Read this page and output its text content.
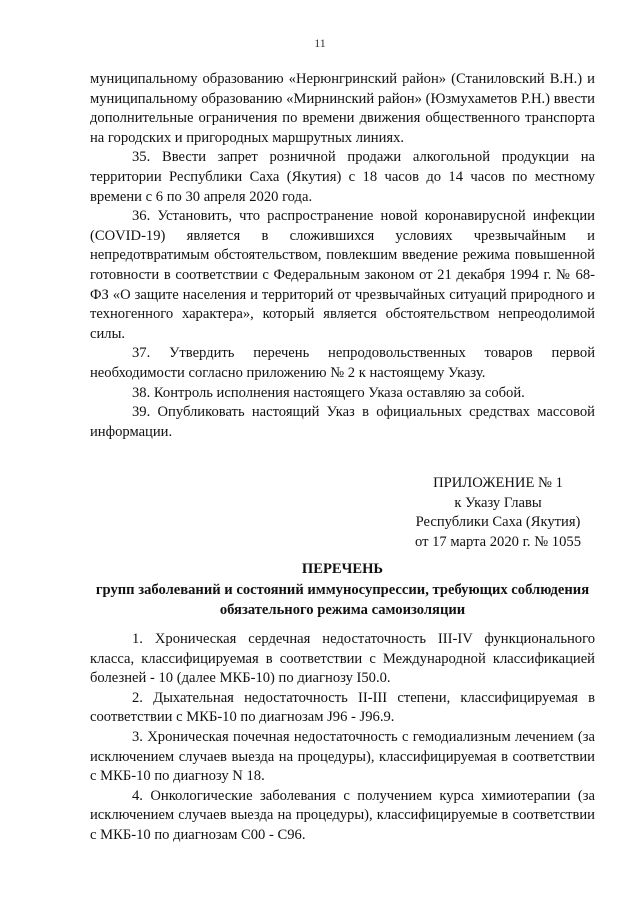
11

муниципальному образованию «Нерюнгринский район» (Станиловский В.Н.) и муниципальному образованию «Мирнинский район» (Юзмухаметов Р.Н.) ввести дополнительные ограничения по времени движения общественного транспорта на городских и пригородных маршрутных линиях.

35. Ввести запрет розничной продажи алкогольной продукции на территории Республики Саха (Якутия) с 18 часов до 14 часов по местному времени с 6 по 30 апреля 2020 года.

36. Установить, что распространение новой коронавирусной инфекции (COVID-19) является в сложившихся условиях чрезвычайным и непредотвратимым обстоятельством, повлекшим введение режима повышенной готовности в соответствии с Федеральным законом от 21 декабря 1994 г. № 68-ФЗ «О защите населения и территорий от чрезвычайных ситуаций природного и техногенного характера», который является обстоятельством непреодолимой силы.

37. Утвердить перечень непродовольственных товаров первой необходимости согласно приложению № 2 к настоящему Указу.

38. Контроль исполнения настоящего Указа оставляю за собой.

39. Опубликовать настоящий Указ в официальных средствах массовой информации.

ПРИЛОЖЕНИЕ № 1
к Указу Главы
Республики Саха (Якутия)
от 17 марта 2020 г. № 1055
ПЕРЕЧЕНЬ
групп заболеваний и состояний иммуносупрессии, требующих соблюдения обязательного режима самоизоляции

1. Хроническая сердечная недостаточность III-IV функционального класса, классифицируемая в соответствии с Международной классификацией болезней - 10 (далее МКБ-10) по диагнозу I50.0.

2. Дыхательная недостаточность II-III степени, классифицируемая в соответствии с МКБ-10 по диагнозам J96 - J96.9.

3. Хроническая почечная недостаточность с гемодиализным лечением (за исключением случаев выезда на процедуры), классифицируемая в соответствии с МКБ-10 по диагнозу N 18.

4. Онкологические заболевания с получением курса химиотерапии (за исключением случаев выезда на процедуры), классифицируемые в соответствии с МКБ-10 по диагнозам C00 - C96.
